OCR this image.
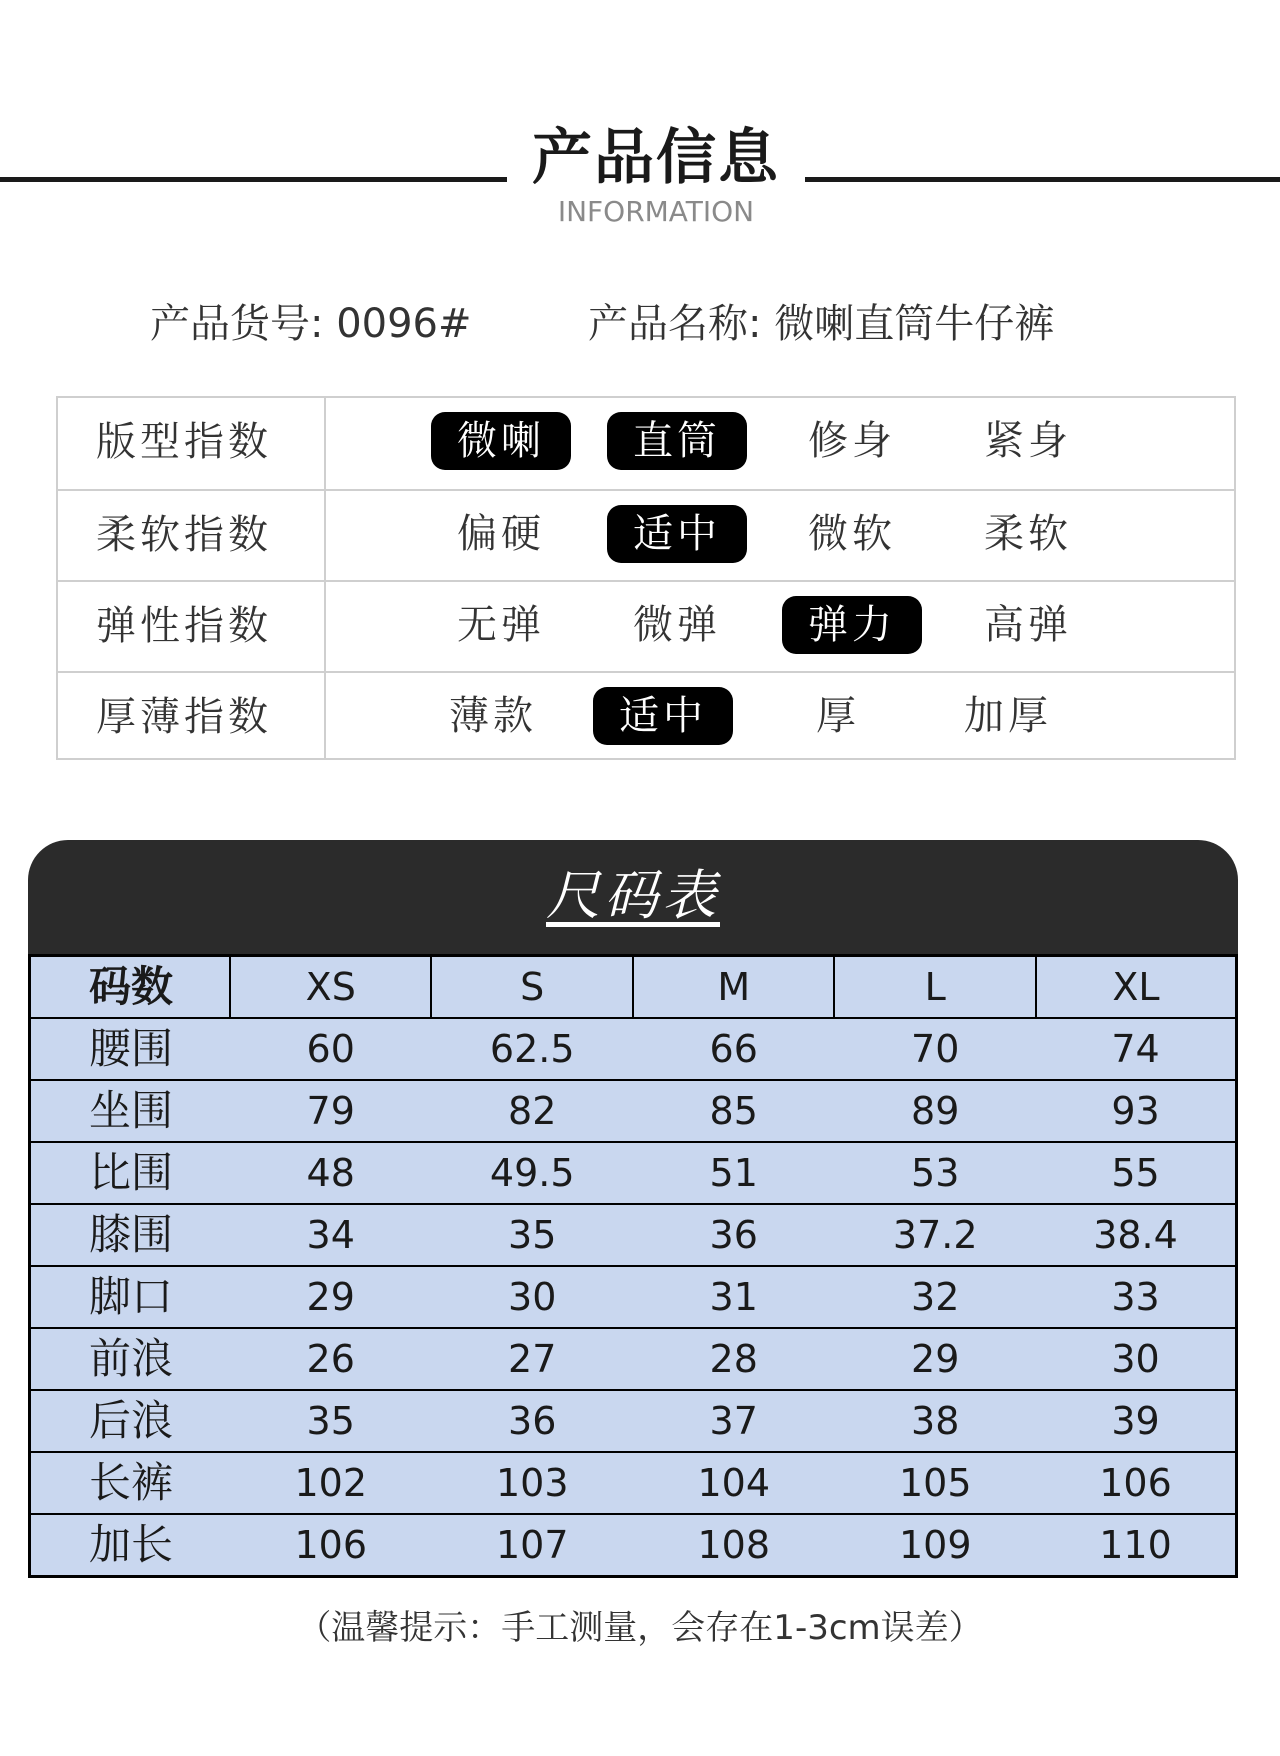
产品信息
INFORMATION
产品货号: 0096#	产品名称: 微喇直筒牛仔裤
版型指数	微喇	直筒	修身	紧身
柔软指数	偏硬	适中	微软	柔软
弹性指数	无弹	微弹	弹力	高弹
厚薄指数	薄款	适中	厚	加厚
尺码表
码数	XS	S	M	L	XL
腰围	60	62.5	66	70	74
坐围	79	82	85	89	93
比围	48	49.5	51	53	55
膝围	34	35	36	37.2	38.4
脚口	29	30	31	32	33
前浪	26	27	28	29	30
后浪	35	36	37	38	39
长裤	102	103	104	105	106
加长	106	107	108	109	110
（温馨提示：手工测量，会存在1-3cm误差）
